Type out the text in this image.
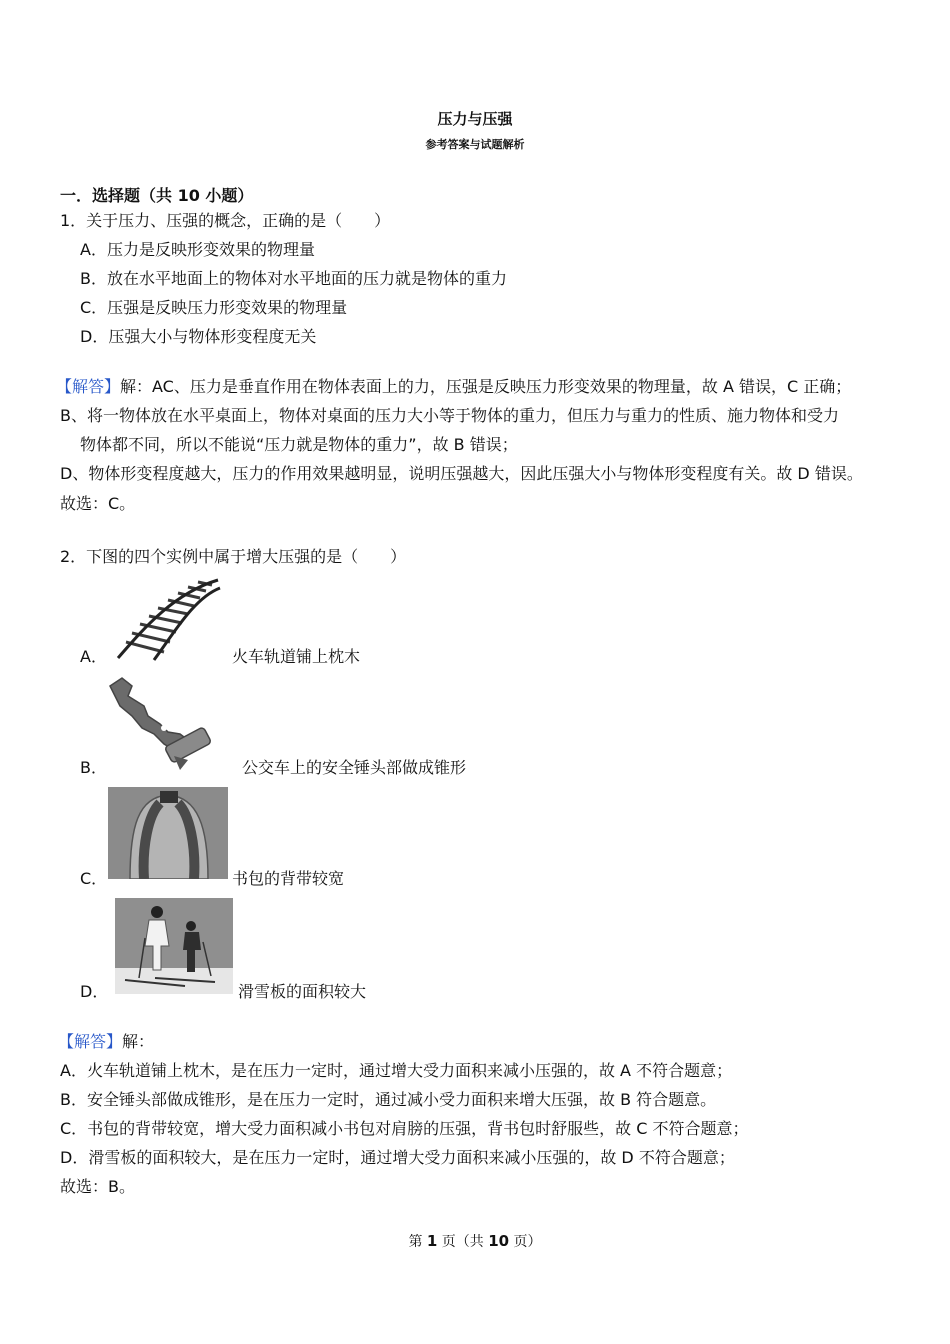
压力与压强
参考答案与试题解析
一．选择题（共 10 小题）
1．关于压力、压强的概念，正确的是（　　）
A．压力是反映形变效果的物理量
B．放在水平地面上的物体对水平地面的压力就是物体的重力
C．压强是反映压力形变效果的物理量
D．压强大小与物体形变程度无关
【解答】解：AC、压力是垂直作用在物体表面上的力，压强是反映压力形变效果的物理量，故 A 错误，C 正确；
B、将一物体放在水平桌面上，物体对桌面的压力大小等于物体的重力，但压力与重力的性质、施力物体和受力
物体都不同，所以不能说“压力就是物体的重力”，故 B 错误；
D、物体形变程度越大，压力的作用效果越明显，说明压强越大，因此压强大小与物体形变程度有关。故 D 错误。
故选：C。
2．下图的四个实例中属于增大压强的是（　　）
A．	火车轨道铺上枕木
B．	公交车上的安全锤头部做成锥形
C．	书包的背带较宽
D．	滑雪板的面积较大
【解答】解：
A．火车轨道铺上枕木，是在压力一定时，通过增大受力面积来减小压强的，故 A 不符合题意；
B．安全锤头部做成锥形，是在压力一定时，通过减小受力面积来增大压强，故 B 符合题意。
C．书包的背带较宽，增大受力面积减小书包对肩膀的压强，背书包时舒服些，故 C 不符合题意；
D．滑雪板的面积较大，是在压力一定时，通过增大受力面积来减小压强的，故 D 不符合题意；
故选：B。
第 1 页（共 10 页）
